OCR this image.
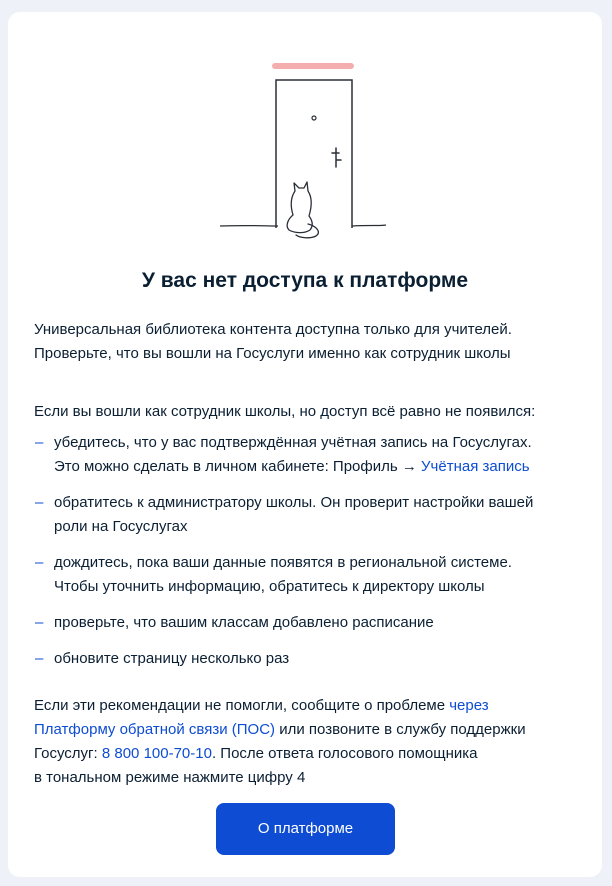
У вас нет доступа к платформе

Универсальная библиотека контента доступна только для учителей.

Проверьте, что вы вошли на Госуслуги именно как сотрудник школы

Если вы вошли как сотрудник школы, но доступ всё равно не появился:

– убедитесь, что у вас подтверждённая учётная запись на Госуслугах.
Это можно сделать в личном кабинете: Профиль → Учётная запись
– обратитесь к администратору школы. Он проверит настройки вашей
роли на Госуслугах
– дождитесь, пока ваши данные появятся в региональной системе.
Чтобы уточнить информацию, обратитесь к директору школы
– проверьте, что вашим классам добавлено расписание
– обновите страницу несколько раз
Если эти рекомендации не помогли, сообщите о проблеме через
Платформу обратной связи (ПОС) или позвоните в службу поддержки
Госуслуг: 8 800 100-70-10. После ответа голосового помощника
в тональном режиме нажмите цифру 4
О платформе
